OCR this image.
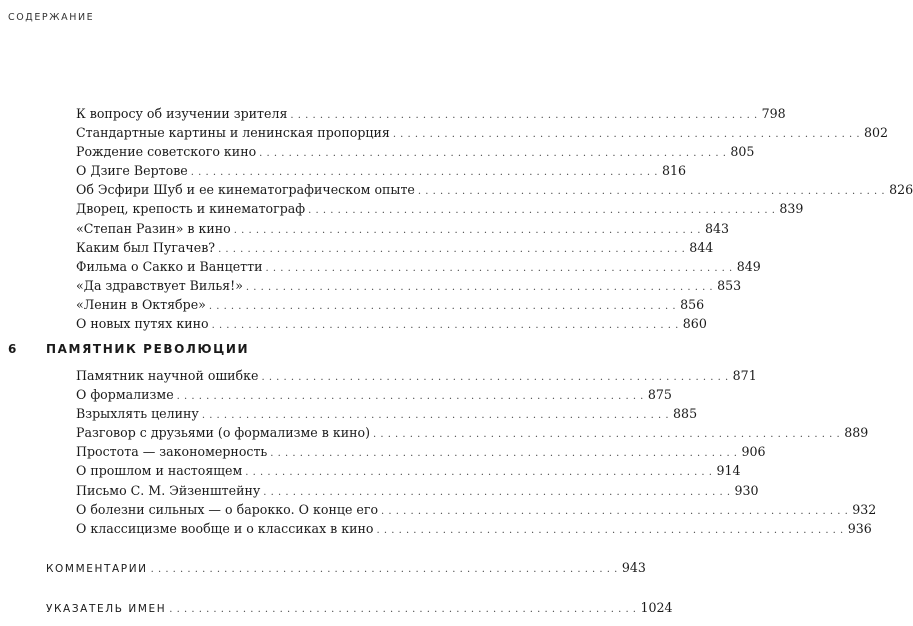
СОДЕРЖАНИЕ
К вопросу об изучении зрителя . . .	798
Стандартные картины и ленинская пропорция . . .	802
Рождение советского кино . . .	805
О Дзиге Вертове . . .	816
Об Эсфири Шуб и ее кинематографическом опыте . . .	826
Дворец, крепость и кинематограф . . .	839
«Степан Разин» в кино . . .	843
Каким был Пугачев? . . .	844
Фильма о Сакко и Ванцетти . . .	849
«Да здравствует Вилья!» . . .	853
«Ленин в Октябре» . . .	856
О новых путях кино . . .	860
6 ПАМЯТНИК РЕВОЛЮЦИИ
Памятник научной ошибке . . .	871
О формализме . . .	875
Взрыхлять целину . . .	885
Разговор с друзьями (о формализме в кино) . . .	889
Простота — закономерность . . .	906
О прошлом и настоящем . . .	914
Письмо С. М. Эйзенштейну . . .	930
О болезни сильных — о барокко. О конце его . . .	932
О классицизме вообще и о классиках в кино . . .	936
КОММЕНТАРИИ . . .	943
УКАЗАТЕЛЬ ИМЕН . . .	1024
